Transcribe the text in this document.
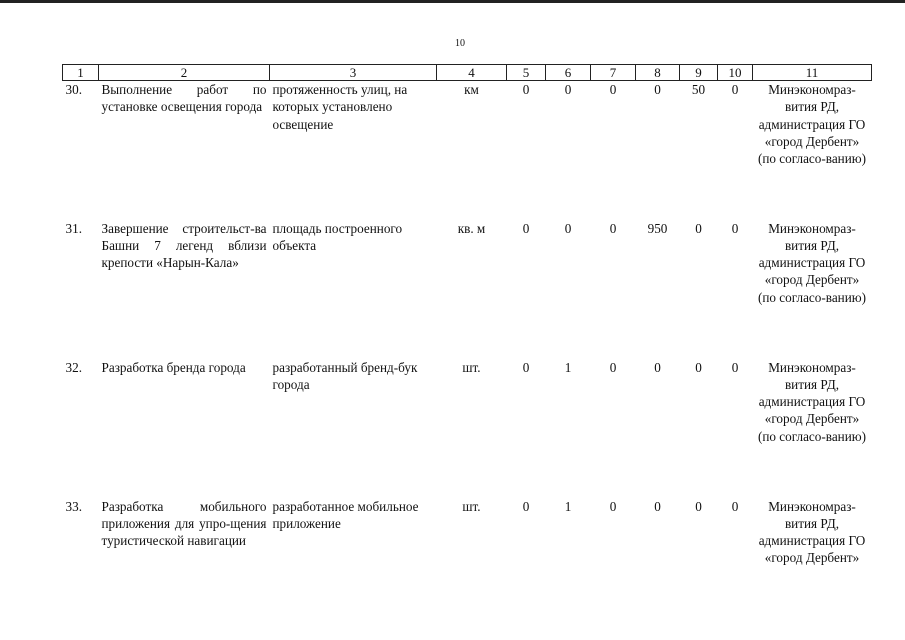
10
1	2	3	4	5	6	7	8	9	10	11
30.	Выполнение работ по установке освещения города	протяженность улиц, на которых установлено освещение	км	0	0	0	0	50	0	Минэкономраз-вития РД, администрация ГО «город Дербент» (по согласо-ванию)
31.	Завершение строительст-ва Башни 7 легенд вблизи крепости «Нарын-Кала»	площадь построенного объекта	кв. м	0	0	0	950	0	0	Минэкономраз-вития РД, администрация ГО «город Дербент» (по согласо-ванию)
32.	Разработка бренда города	разработанный бренд-бук города	шт.	0	1	0	0	0	0	Минэкономраз-вития РД, администрация ГО «город Дербент» (по согласо-ванию)
33.	Разработка мобильного приложения для упро-щения туристической навигации	разработанное мобильное приложение	шт.	0	1	0	0	0	0	Минэкономраз-вития РД, администрация ГО «город Дербент»
